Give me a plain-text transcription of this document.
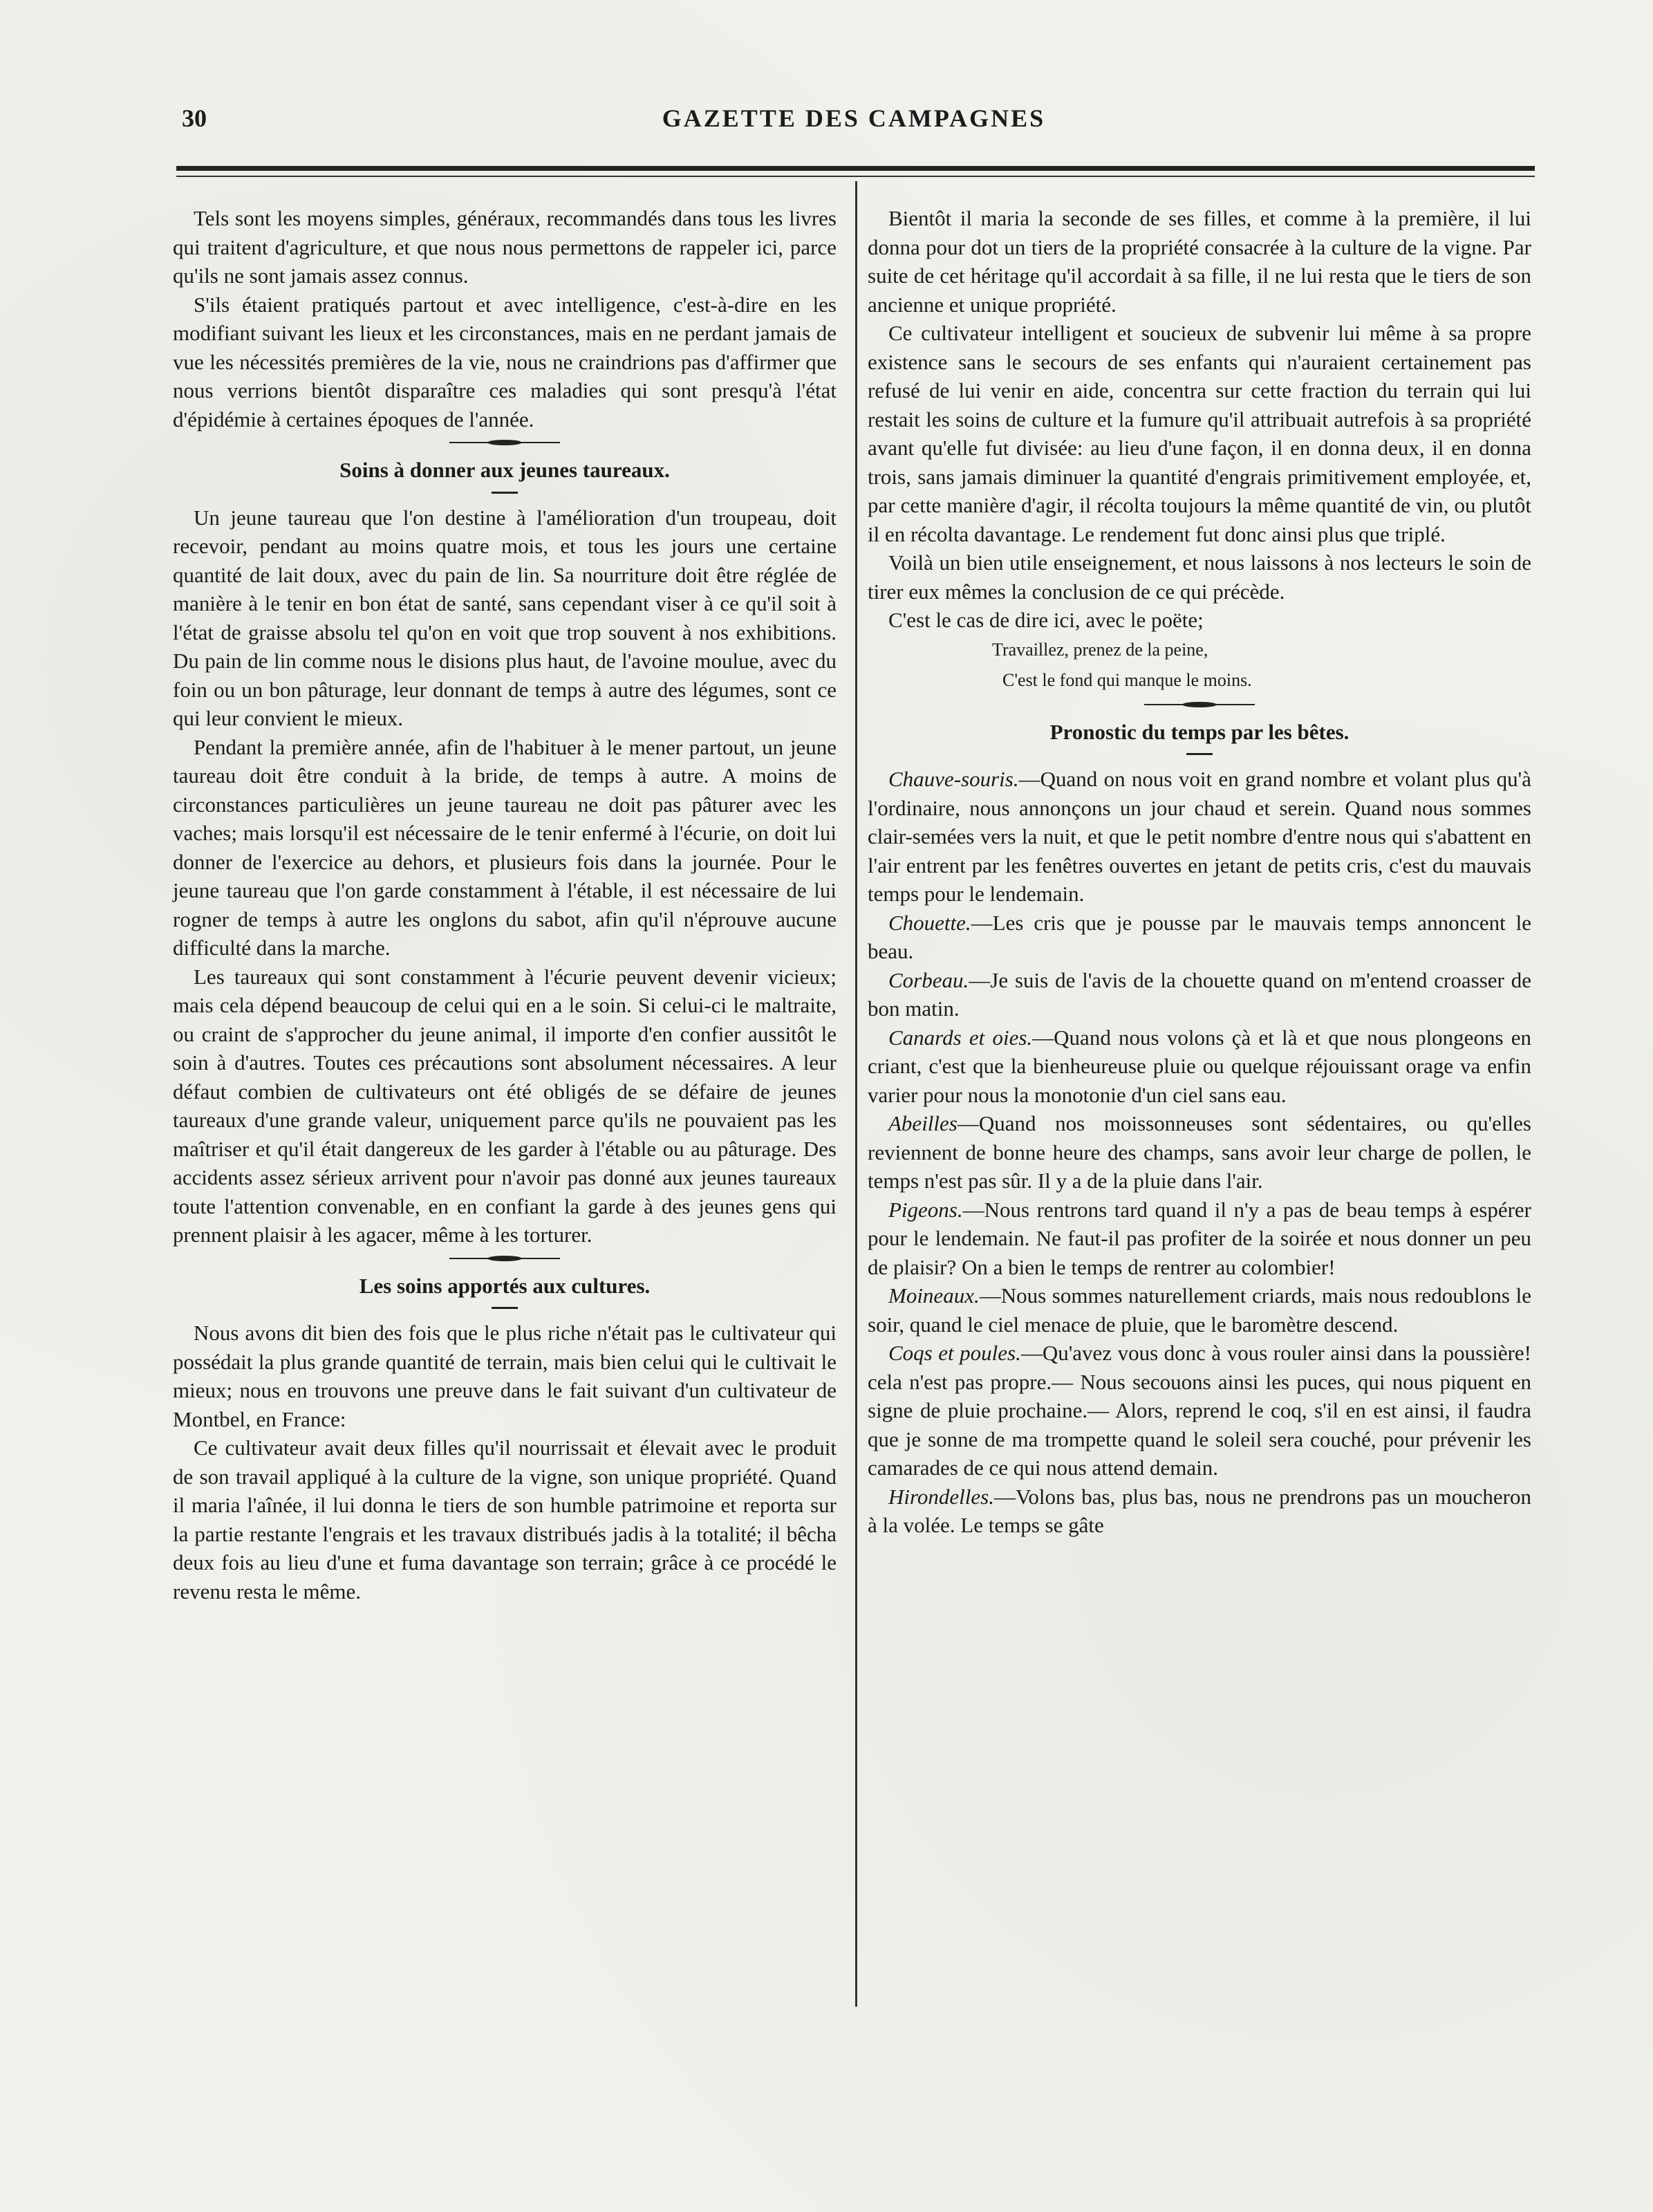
30	GAZETTE DES CAMPAGNES

Tels sont les moyens simples, généraux, recommandés dans tous les livres qui traitent d'agriculture, et que nous nous permettons de rappeler ici, parce qu'ils ne sont jamais assez connus.

S'ils étaient pratiqués partout et avec intelligence, c'est-à-dire en les modifiant suivant les lieux et les circonstances, mais en ne perdant jamais de vue les nécessités premières de la vie, nous ne craindrions pas d'affirmer que nous verrions bientôt disparaître ces maladies qui sont presqu'à l'état d'épidémie à certaines époques de l'année.

Soins à donner aux jeunes taureaux.

Un jeune taureau que l'on destine à l'amélioration d'un troupeau, doit recevoir, pendant au moins quatre mois, et tous les jours une certaine quantité de lait doux, avec du pain de lin. Sa nourriture doit être réglée de manière à le tenir en bon état de santé, sans cependant viser à ce qu'il soit à l'état de graisse absolu tel qu'on en voit que trop souvent à nos exhibitions. Du pain de lin comme nous le disions plus haut, de l'avoine moulue, avec du foin ou un bon pâturage, leur donnant de temps à autre des légumes, sont ce qui leur convient le mieux.

Pendant la première année, afin de l'habituer à le mener partout, un jeune taureau doit être conduit à la bride, de temps à autre. A moins de circonstances particulières un jeune taureau ne doit pas pâturer avec les vaches; mais lorsqu'il est nécessaire de le tenir enfermé à l'écurie, on doit lui donner de l'exercice au dehors, et plusieurs fois dans la journée. Pour le jeune taureau que l'on garde constamment à l'étable, il est nécessaire de lui rogner de temps à autre les onglons du sabot, afin qu'il n'éprouve aucune difficulté dans la marche.

Les taureaux qui sont constamment à l'écurie peuvent devenir vicieux; mais cela dépend beaucoup de celui qui en a le soin. Si celui-ci le maltraite, ou craint de s'approcher du jeune animal, il importe d'en confier aussitôt le soin à d'autres. Toutes ces précautions sont absolument nécessaires. A leur défaut combien de cultivateurs ont été obligés de se défaire de jeunes taureaux d'une grande valeur, uniquement parce qu'ils ne pouvaient pas les maîtriser et qu'il était dangereux de les garder à l'étable ou au pâturage. Des accidents assez sérieux arrivent pour n'avoir pas donné aux jeunes taureaux toute l'attention convenable, en en confiant la garde à des jeunes gens qui prennent plaisir à les agacer, même à les torturer.

Les soins apportés aux cultures.

Nous avons dit bien des fois que le plus riche n'était pas le cultivateur qui possédait la plus grande quantité de terrain, mais bien celui qui le cultivait le mieux; nous en trouvons une preuve dans le fait suivant d'un cultivateur de Montbel, en France:

Ce cultivateur avait deux filles qu'il nourrissait et élevait avec le produit de son travail appliqué à la culture de la vigne, son unique propriété. Quand il maria l'aînée, il lui donna le tiers de son humble patrimoine et reporta sur la partie restante l'engrais et les travaux distribués jadis à la totalité; il bêcha deux fois au lieu d'une et fuma davantage son terrain; grâce à ce procédé le revenu resta le même.

Bientôt il maria la seconde de ses filles, et comme à la première, il lui donna pour dot un tiers de la propriété consacrée à la culture de la vigne. Par suite de cet héritage qu'il accordait à sa fille, il ne lui resta que le tiers de son ancienne et unique propriété.

Ce cultivateur intelligent et soucieux de subvenir lui même à sa propre existence sans le secours de ses enfants qui n'auraient certainement pas refusé de lui venir en aide, concentra sur cette fraction du terrain qui lui restait les soins de culture et la fumure qu'il attribuait autrefois à sa propriété avant qu'elle fut divisée: au lieu d'une façon, il en donna deux, il en donna trois, sans jamais diminuer la quantité d'engrais primitivement employée, et, par cette manière d'agir, il récolta toujours la même quantité de vin, ou plutôt il en récolta davantage. Le rendement fut donc ainsi plus que triplé.

Voilà un bien utile enseignement, et nous laissons à nos lecteurs le soin de tirer eux mêmes la conclusion de ce qui précède.

C'est le cas de dire ici, avec le poëte;

Travaillez, prenez de la peine,

C'est le fond qui manque le moins.

Pronostic du temps par les bêtes.

Chauve-souris.—Quand on nous voit en grand nombre et volant plus qu'à l'ordinaire, nous annonçons un jour chaud et serein. Quand nous sommes clair-semées vers la nuit, et que le petit nombre d'entre nous qui s'abattent en l'air entrent par les fenêtres ouvertes en jetant de petits cris, c'est du mauvais temps pour le lendemain.

Chouette.—Les cris que je pousse par le mauvais temps annoncent le beau.

Corbeau.—Je suis de l'avis de la chouette quand on m'entend croasser de bon matin.

Canards et oies.—Quand nous volons çà et là et que nous plongeons en criant, c'est que la bienheureuse pluie ou quelque réjouissant orage va enfin varier pour nous la monotonie d'un ciel sans eau.

Abeilles—Quand nos moissonneuses sont sédentaires, ou qu'elles reviennent de bonne heure des champs, sans avoir leur charge de pollen, le temps n'est pas sûr. Il y a de la pluie dans l'air.

Pigeons.—Nous rentrons tard quand il n'y a pas de beau temps à espérer pour le lendemain. Ne faut-il pas profiter de la soirée et nous donner un peu de plaisir? On a bien le temps de rentrer au colombier!

Moineaux.—Nous sommes naturellement criards, mais nous redoublons le soir, quand le ciel menace de pluie, que le baromètre descend.

Coqs et poules.—Qu'avez vous donc à vous rouler ainsi dans la poussière! cela n'est pas propre.— Nous secouons ainsi les puces, qui nous piquent en signe de pluie prochaine.— Alors, reprend le coq, s'il en est ainsi, il faudra que je sonne de ma trompette quand le soleil sera couché, pour prévenir les camarades de ce qui nous attend demain.

Hirondelles.—Volons bas, plus bas, nous ne prendrons pas un moucheron à la volée. Le temps se gâte
